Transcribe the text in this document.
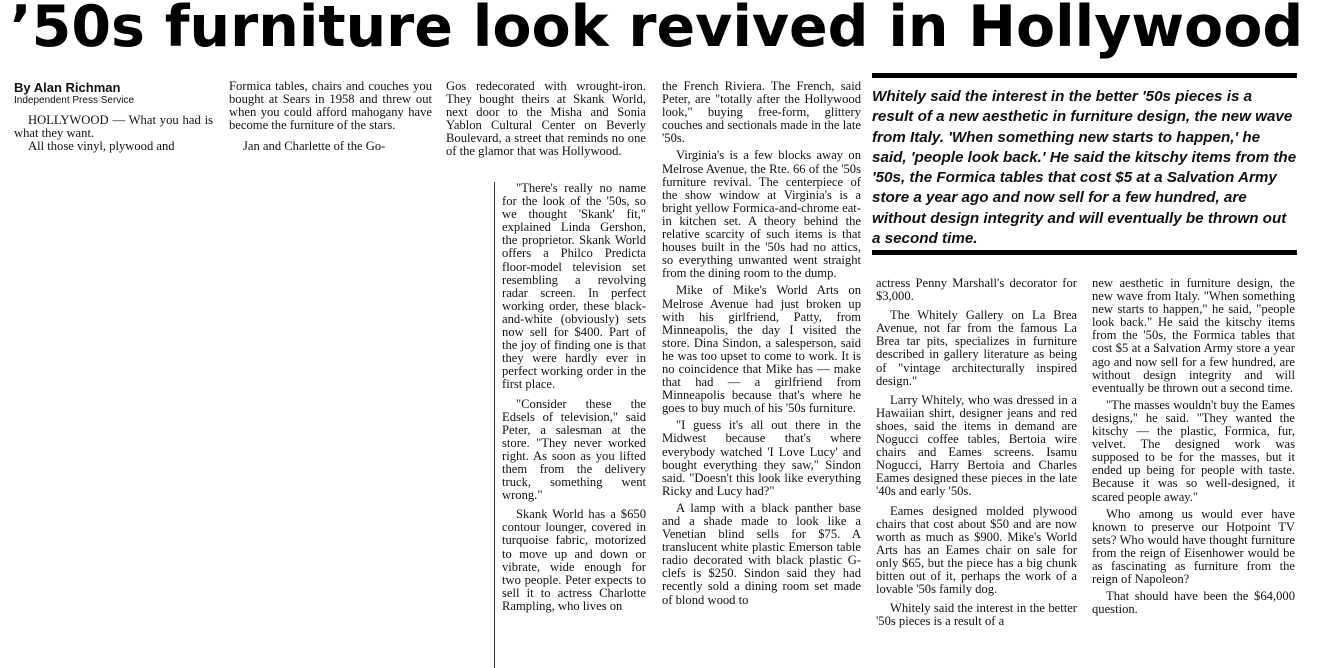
’50s furniture look revived in Hollywood
By Alan Richman
Independent Press Service

HOLLYWOOD — What you had is what they want.

All those vinyl, plywood and

Formica tables, chairs and couches you bought at Sears in 1958 and threw out when you could afford mahogany have become the furniture of the stars.

Jan and Charlette of the Go-

Gos redecorated with wrought-iron. They bought theirs at Skank World, next door to the Misha and Sonia Yablon Cultural Center on Beverly Boulevard, a street that reminds no one of the glamor that was Hollywood.

"There's really no name for the look of the '50s, so we thought 'Skank' fit," explained Linda Gershon, the proprietor. Skank World offers a Philco Predicta floor-model television set resembling a revolving radar screen. In perfect working order, these black-and-white (obviously) sets now sell for $400. Part of the joy of finding one is that they were hardly ever in perfect working order in the first place.

"Consider these the Edsels of television," said Peter, a salesman at the store. "They never worked right. As soon as you lifted them from the delivery truck, something went wrong."

Skank World has a $650 contour lounger, covered in turquoise fabric, motorized to move up and down or vibrate, wide enough for two people. Peter expects to sell it to actress Charlotte Rampling, who lives on

the French Riviera. The French, said Peter, are "totally after the Hollywood look," buying free-form, glittery couches and sectionals made in the late '50s.

Virginia's is a few blocks away on Melrose Avenue, the Rte. 66 of the '50s furniture revival. The centerpiece of the show window at Virginia's is a bright yellow Formica-and-chrome eat-in kitchen set. A theory behind the relative scarcity of such items is that houses built in the '50s had no attics, so everything unwanted went straight from the dining room to the dump.

Mike of Mike's World Arts on Melrose Avenue had just broken up with his girlfriend, Patty, from Minneapolis, the day I visited the store. Dina Sindon, a salesperson, said he was too upset to come to work. It is no coincidence that Mike has — make that had — a girlfriend from Minneapolis because that's where he goes to buy much of his '50s furniture.

"I guess it's all out there in the Midwest because that's where everybody watched 'I Love Lucy' and bought everything they saw," Sindon said. "Doesn't this look like everything Ricky and Lucy had?"

A lamp with a black panther base and a shade made to look like a Venetian blind sells for $75. A translucent white plastic Emerson table radio decorated with black plastic G-clefs is $250. Sindon said they had recently sold a dining room set made of blond wood to

Whitely said the interest in the better '50s pieces is a result of a new aesthetic in furniture design, the new wave from Italy. 'When something new starts to happen,' he said, 'people look back.' He said the kitschy items from the '50s, the Formica tables that cost $5 at a Salvation Army store a year ago and now sell for a few hundred, are without design integrity and will eventually be thrown out a second time.

actress Penny Marshall's decorator for $3,000.

The Whitely Gallery on La Brea Avenue, not far from the famous La Brea tar pits, specializes in furniture described in gallery literature as being of "vintage architecturally inspired design."

Larry Whitely, who was dressed in a Hawaiian shirt, designer jeans and red shoes, said the items in demand are Nogucci coffee tables, Bertoia wire chairs and Eames screens. Isamu Nogucci, Harry Bertoia and Charles Eames designed these pieces in the late '40s and early '50s.

Eames designed molded plywood chairs that cost about $50 and are now worth as much as $900. Mike's World Arts has an Eames chair on sale for only $65, but the piece has a big chunk bitten out of it, perhaps the work of a lovable '50s family dog.

Whitely said the interest in the better '50s pieces is a result of a

new aesthetic in furniture design, the new wave from Italy. "When something new starts to happen," he said, "people look back." He said the kitschy items from the '50s, the Formica tables that cost $5 at a Salvation Army store a year ago and now sell for a few hundred, are without design integrity and will eventually be thrown out a second time.

"The masses wouldn't buy the Eames designs," he said. "They wanted the kitschy — the plastic, Formica, fur, velvet. The designed work was supposed to be for the masses, but it ended up being for people with taste. Because it was so well-designed, it scared people away."

Who among us would ever have known to preserve our Hotpoint TV sets? Who would have thought furniture from the reign of Eisenhower would be as fascinating as furniture from the reign of Napoleon?

That should have been the $64,000 question.
